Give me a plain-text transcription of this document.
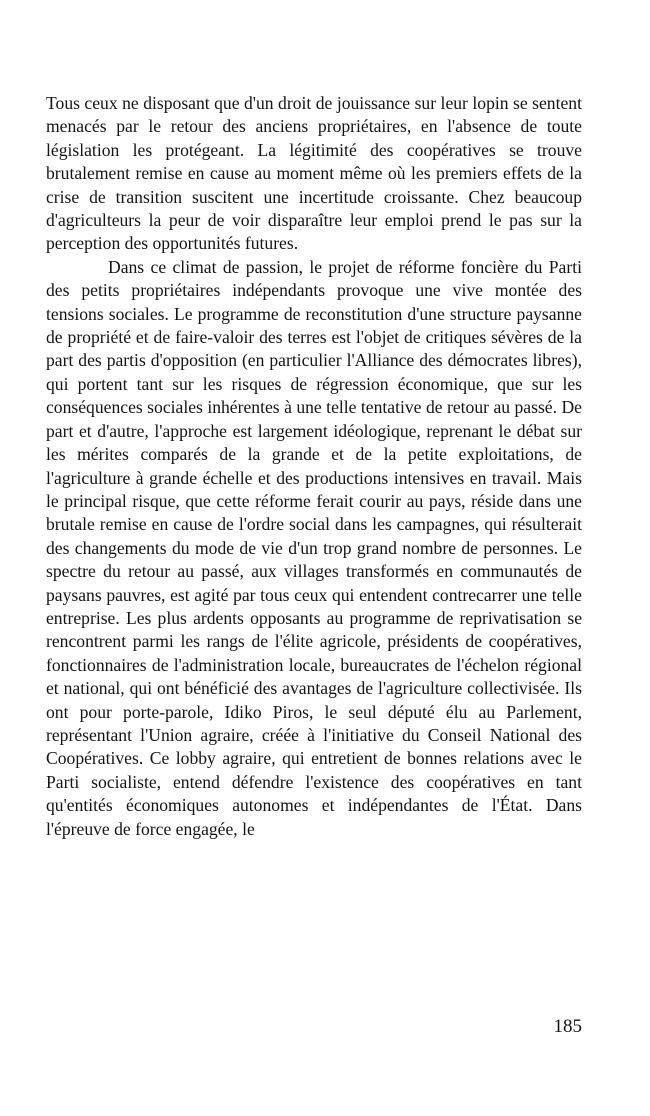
Tous ceux ne disposant que d'un droit de jouissance sur leur lopin se sentent menacés par le retour des anciens propriétaires, en l'absence de toute législation les protégeant. La légitimité des coopératives se trouve brutalement remise en cause au moment même où les premiers effets de la crise de transition suscitent une incertitude croissante. Chez beaucoup d'agriculteurs la peur de voir disparaître leur emploi prend le pas sur la perception des opportunités futures.

Dans ce climat de passion, le projet de réforme foncière du Parti des petits propriétaires indépendants provoque une vive montée des tensions sociales. Le programme de reconstitution d'une structure paysanne de propriété et de faire-valoir des terres est l'objet de critiques sévères de la part des partis d'opposition (en particulier l'Alliance des démocrates libres), qui portent tant sur les risques de régression économique, que sur les conséquences sociales inhérentes à une telle tentative de retour au passé. De part et d'autre, l'approche est largement idéologique, reprenant le débat sur les mérites comparés de la grande et de la petite exploitations, de l'agriculture à grande échelle et des productions intensives en travail. Mais le principal risque, que cette réforme ferait courir au pays, réside dans une brutale remise en cause de l'ordre social dans les campagnes, qui résulterait des changements du mode de vie d'un trop grand nombre de personnes. Le spectre du retour au passé, aux villages transformés en communautés de paysans pauvres, est agité par tous ceux qui entendent contrecarrer une telle entreprise. Les plus ardents opposants au programme de reprivatisation se rencontrent parmi les rangs de l'élite agricole, présidents de coopératives, fonctionnaires de l'administration locale, bureaucrates de l'échelon régional et national, qui ont bénéficié des avantages de l'agriculture collectivisée. Ils ont pour porte-parole, Idiko Piros, le seul député élu au Parlement, représentant l'Union agraire, créée à l'initiative du Conseil National des Coopératives. Ce lobby agraire, qui entretient de bonnes relations avec le Parti socialiste, entend défendre l'existence des coopératives en tant qu'entités économiques autonomes et indépendantes de l'État. Dans l'épreuve de force engagée, le

185
